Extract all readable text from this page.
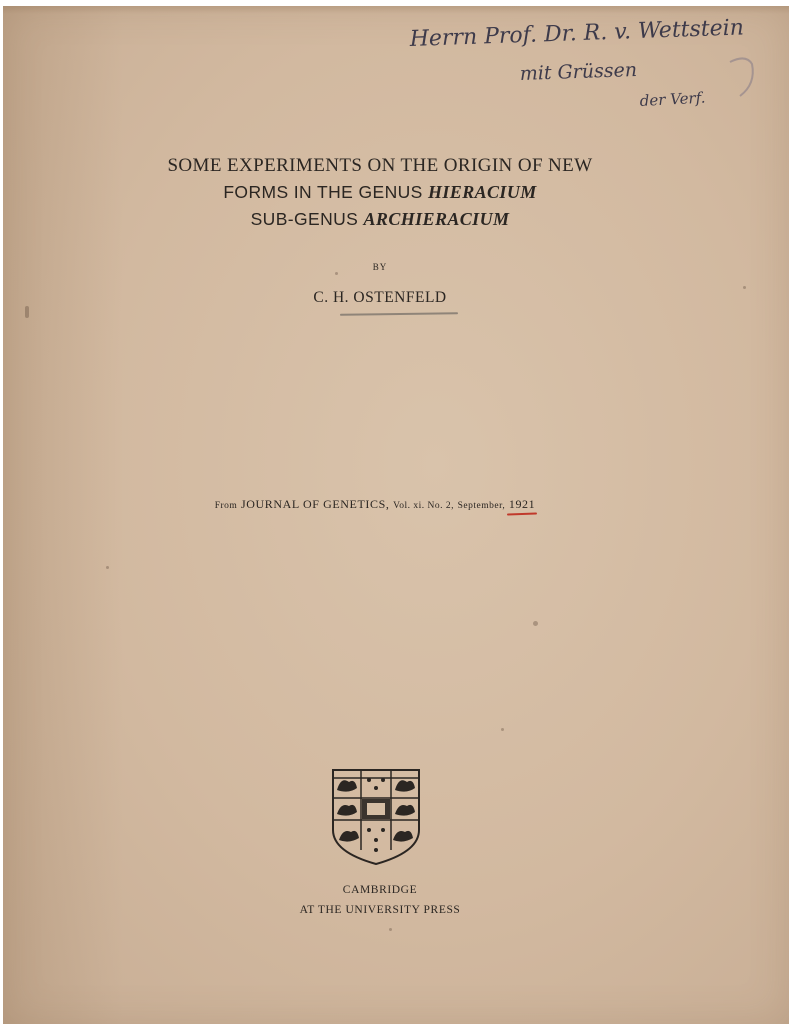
Herrn Prof. Dr. R. v. Wettstein
mit Grüssen
der Verf.
SOME EXPERIMENTS ON THE ORIGIN OF NEW
FORMS IN THE GENUS HIERACIUM
SUB-GENUS ARCHIERACIUM
BY
C. H. OSTENFELD
From JOURNAL OF GENETICS, Vol. xi. No. 2, September, 1921
CAMBRIDGE
AT THE UNIVERSITY PRESS
